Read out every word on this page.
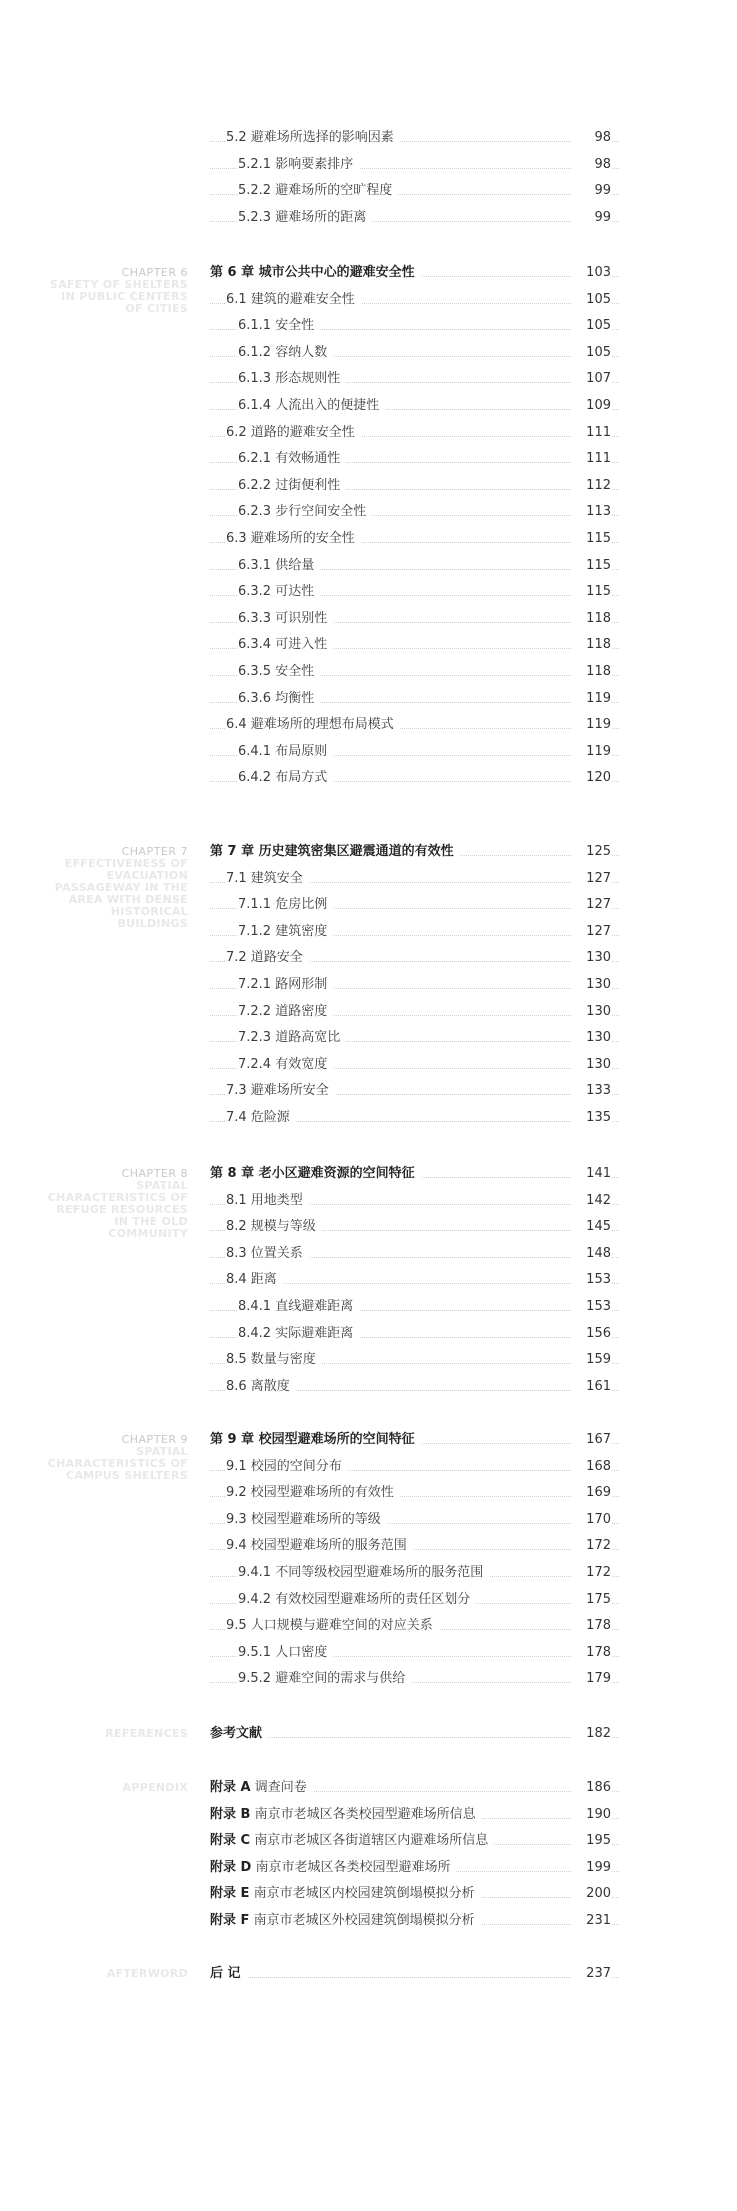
5.2 避难场所选择的影响因素	98
5.2.1 影响要素排序	98
5.2.2 避难场所的空旷程度	99
5.2.3 避难场所的距离	99
CHAPTER 6
SAFETY OF SHELTERS IN PUBLIC CENTERS OF CITIES
第 6 章 城市公共中心的避难安全性	103
6.1 建筑的避难安全性	105
6.1.1 安全性	105
6.1.2 容纳人数	105
6.1.3 形态规则性	107
6.1.4 人流出入的便捷性	109
6.2 道路的避难安全性	111
6.2.1 有效畅通性	111
6.2.2 过街便利性	112
6.2.3 步行空间安全性	113
6.3 避难场所的安全性	115
6.3.1 供给量	115
6.3.2 可达性	115
6.3.3 可识别性	118
6.3.4 可进入性	118
6.3.5 安全性	118
6.3.6 均衡性	119
6.4 避难场所的理想布局模式	119
6.4.1 布局原则	119
6.4.2 布局方式	120
CHAPTER 7
EFFECTIVENESS OF EVACUATION PASSAGEWAY IN THE AREA WITH DENSE HISTORICAL BUILDINGS
第 7 章 历史建筑密集区避震通道的有效性	125
7.1 建筑安全	127
7.1.1 危房比例	127
7.1.2 建筑密度	127
7.2 道路安全	130
7.2.1 路网形制	130
7.2.2 道路密度	130
7.2.3 道路高宽比	130
7.2.4 有效宽度	130
7.3 避难场所安全	133
7.4 危险源	135
CHAPTER 8
SPATIAL CHARACTERISTICS OF REFUGE RESOURCES IN THE OLD COMMUNITY
第 8 章 老小区避难资源的空间特征	141
8.1 用地类型	142
8.2 规模与等级	145
8.3 位置关系	148
8.4 距离	153
8.4.1 直线避难距离	153
8.4.2 实际避难距离	156
8.5 数量与密度	159
8.6 离散度	161
CHAPTER 9
SPATIAL CHARACTERISTICS OF CAMPUS SHELTERS
第 9 章 校园型避难场所的空间特征	167
9.1 校园的空间分布	168
9.2 校园型避难场所的有效性	169
9.3 校园型避难场所的等级	170
9.4 校园型避难场所的服务范围	172
9.4.1 不同等级校园型避难场所的服务范围	172
9.4.2 有效校园型避难场所的责任区划分	175
9.5 人口规模与避难空间的对应关系	178
9.5.1 人口密度	178
9.5.2 避难空间的需求与供给	179
REFERENCES 参考文献	182
APPENDIX 附录 A 调查问卷	186
附录 B 南京市老城区各类校园型避难场所信息	190
附录 C 南京市老城区各街道辖区内避难场所信息	195
附录 D 南京市老城区各类校园型避难场所	199
附录 E 南京市老城区内校园建筑倒塌模拟分析	200
附录 F 南京市老城区外校园建筑倒塌模拟分析	231
AFTERWORD 后 记	237
